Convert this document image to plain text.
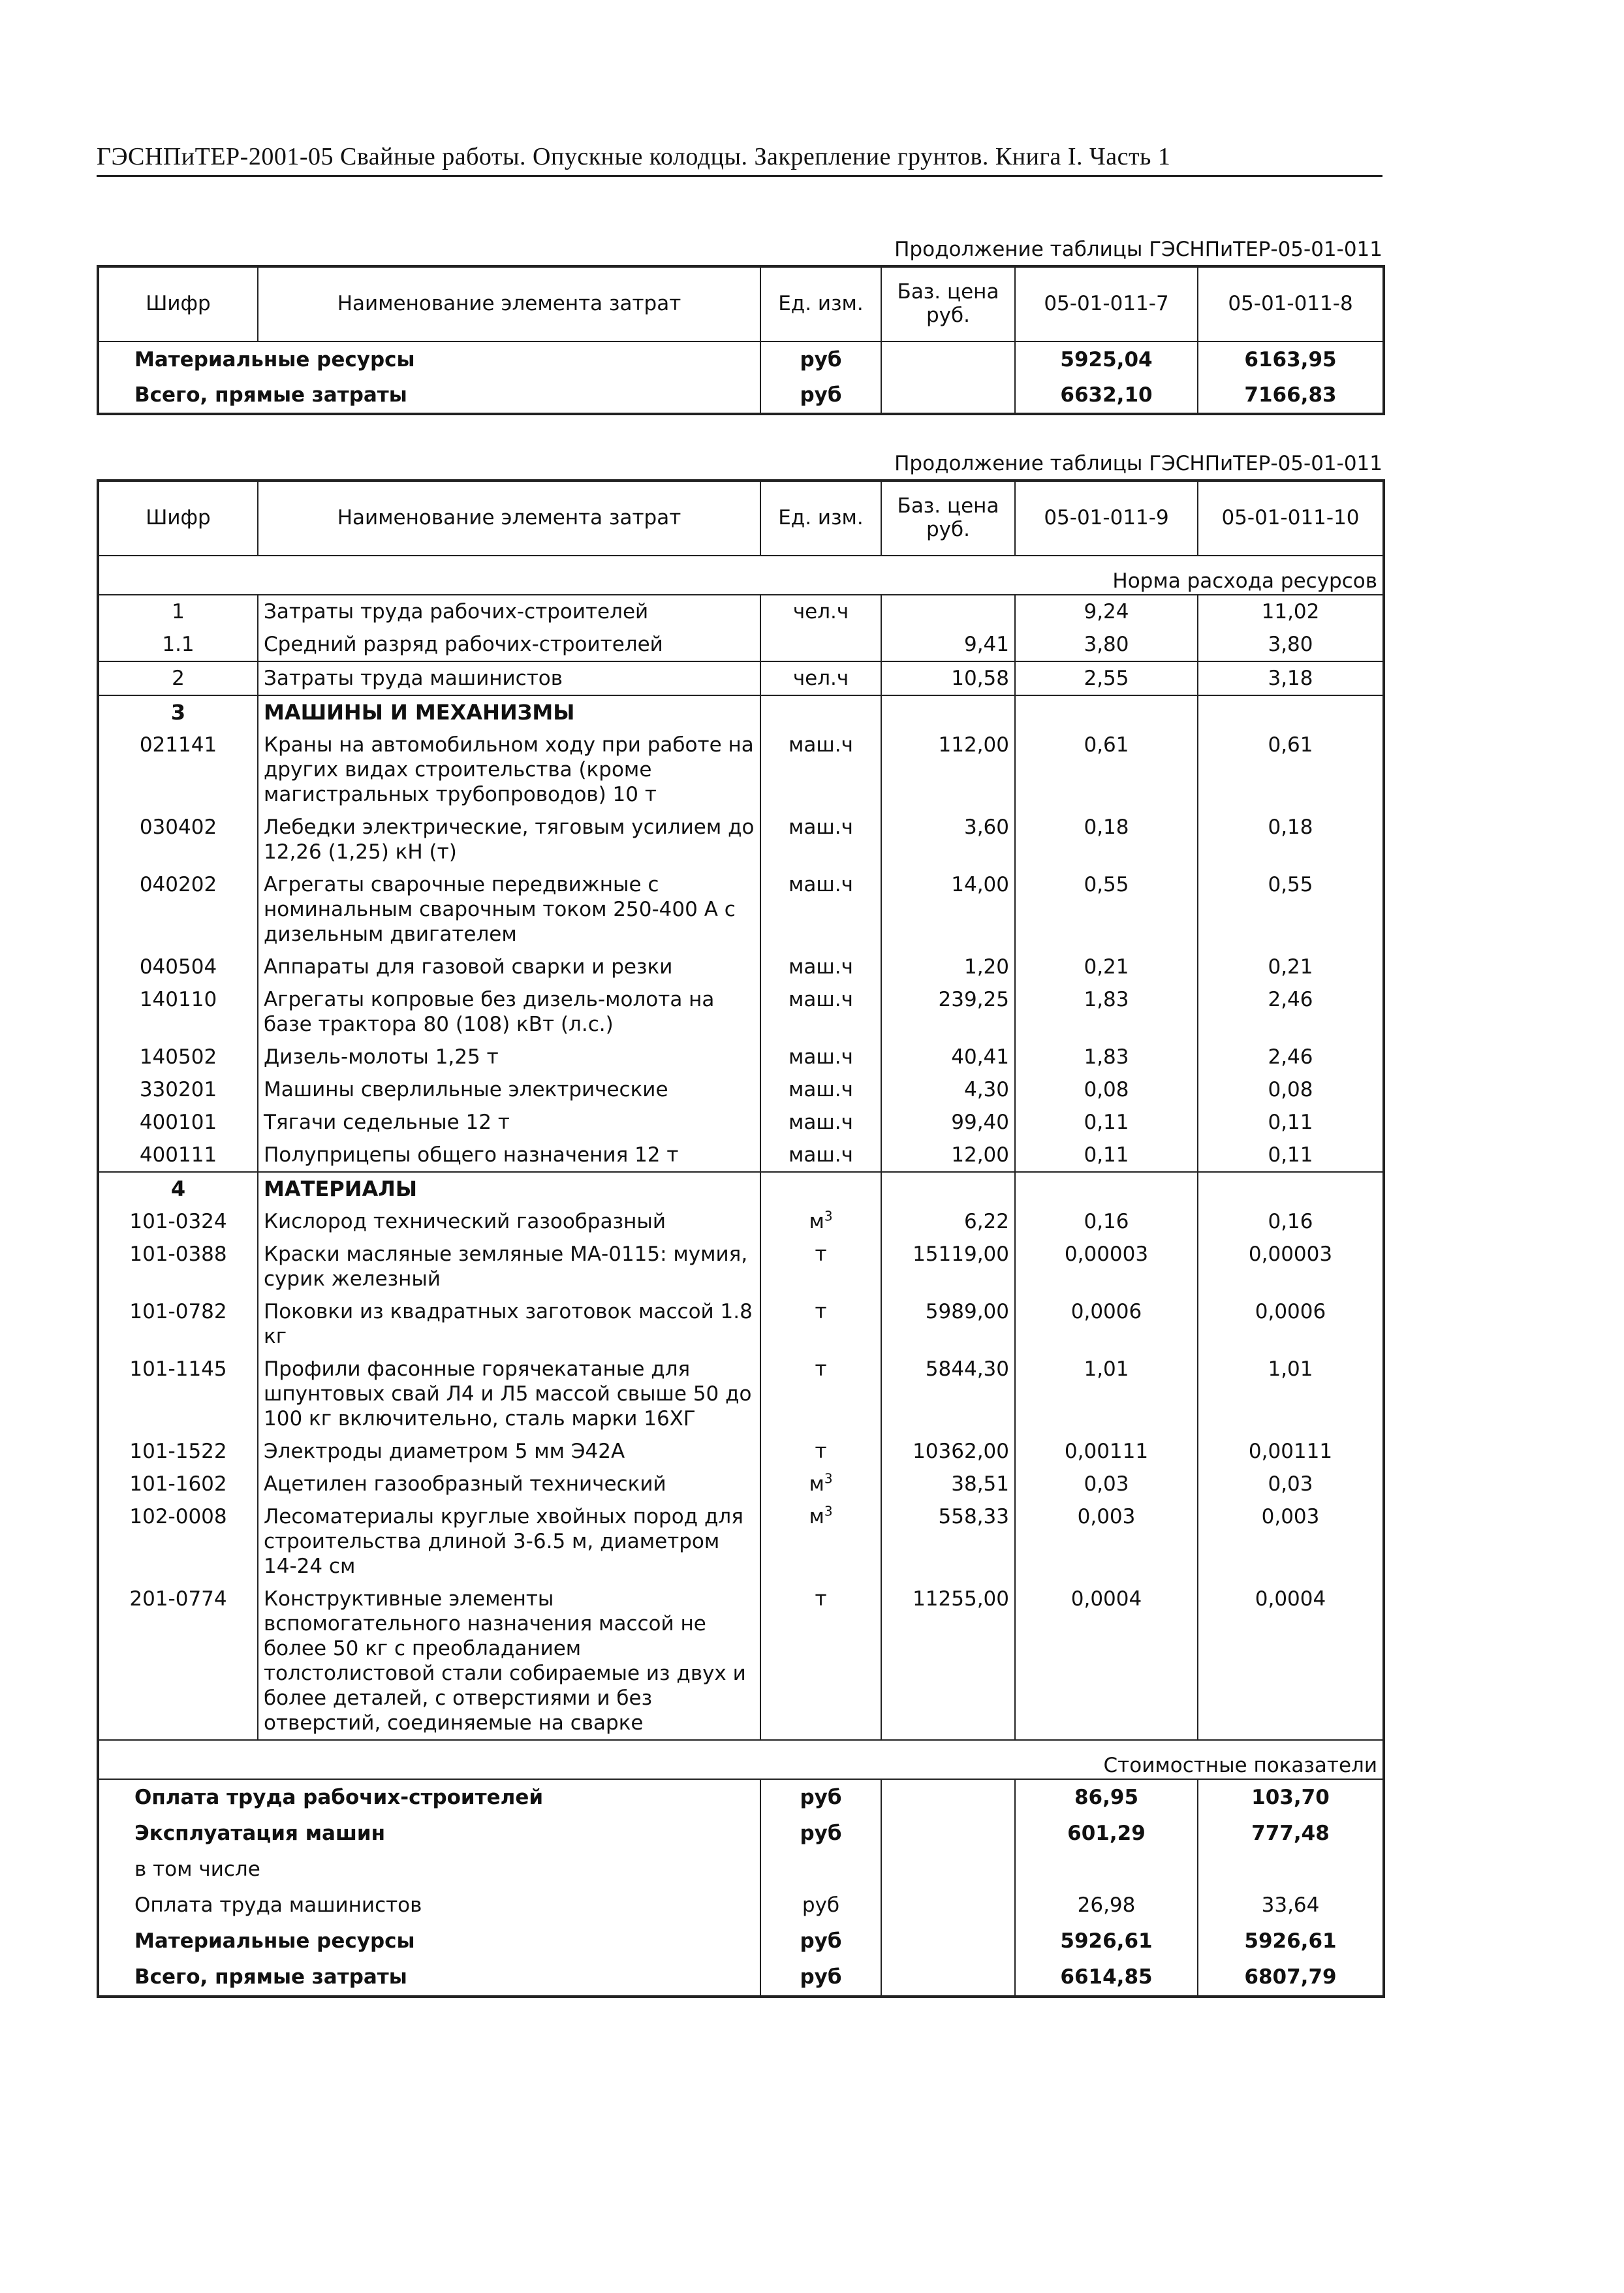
ГЭСНПиТЕР-2001-05 Свайные работы. Опускные колодцы. Закрепление грунтов. Книга I. Часть 1
Продолжение таблицы ГЭСНПиТЕР-05-01-011
Шифр	Наименование элемента затрат	Ед. изм.	Баз. цена руб.	05-01-011-7	05-01-011-8
Материальные ресурсы		руб		5925,04	6163,95
Всего, прямые затраты		руб		6632,10	7166,83
Продолжение таблицы ГЭСНПиТЕР-05-01-011
Шифр	Наименование элемента затрат	Ед. изм.	Баз. цена руб.	05-01-011-9	05-01-011-10
Норма расхода ресурсов					
1	Затраты труда рабочих-строителей	чел.ч		9,24	11,02
1.1	Средний разряд рабочих-строителей		9,41	3,80	3,80
2	Затраты труда машинистов	чел.ч	10,58	2,55	3,18
3	МАШИНЫ И МЕХАНИЗМЫ				
021141	Краны на автомобильном ходу при работе на других видах строительства (кроме магистральных трубопроводов) 10 т	маш.ч	112,00	0,61	0,61
030402	Лебедки электрические, тяговым усилием до 12,26 (1,25) кН (т)	маш.ч	3,60	0,18	0,18
040202	Агрегаты сварочные передвижные с номинальным сварочным током 250-400 А с дизельным двигателем	маш.ч	14,00	0,55	0,55
040504	Аппараты для газовой сварки и резки	маш.ч	1,20	0,21	0,21
140110	Агрегаты копровые без дизель-молота на базе трактора 80 (108) кВт (л.с.)	маш.ч	239,25	1,83	2,46
140502	Дизель-молоты 1,25 т	маш.ч	40,41	1,83	2,46
330201	Машины сверлильные электрические	маш.ч	4,30	0,08	0,08
400101	Тягачи седельные 12 т	маш.ч	99,40	0,11	0,11
400111	Полуприцепы общего назначения 12 т	маш.ч	12,00	0,11	0,11
4	МАТЕРИАЛЫ				
101-0324	Кислород технический газообразный	$м^3$	6,22	0,16	0,16
101-0388	Краски масляные земляные МА-0115: мумия, сурик железный	т	15119,00	0,00003	0,00003
101-0782	Поковки из квадратных заготовок массой 1.8 кг	т	5989,00	0,0006	0,0006
101-1145	Профили фасонные горячекатаные для шпунтовых свай Л4 и Л5 массой свыше 50 до 100 кг включительно, сталь марки 16ХГ	т	5844,30	1,01	1,01
101-1522	Электроды диаметром 5 мм Э42А	т	10362,00	0,00111	0,00111
101-1602	Ацетилен газообразный технический	$м^3$	38,51	0,03	0,03
102-0008	Лесоматериалы круглые хвойных пород для строительства длиной 3-6.5 м, диаметром 14-24 см	$м^3$	558,33	0,003	0,003
201-0774	Конструктивные элементы вспомогательного назначения массой не более 50 кг с преобладанием толстолистовой стали собираемые из двух и более деталей, с отверстиями и без отверстий, соединяемые на сварке	т	11255,00	0,0004	0,0004
Стоимостные показатели					
Оплата труда рабочих-строителей		руб		86,95	103,70
Эксплуатация машин		руб		601,29	777,48
в том числе					
Оплата труда машинистов		руб		26,98	33,64
Материальные ресурсы		руб		5926,61	5926,61
Всего, прямые затраты		руб		6614,85	6807,79
